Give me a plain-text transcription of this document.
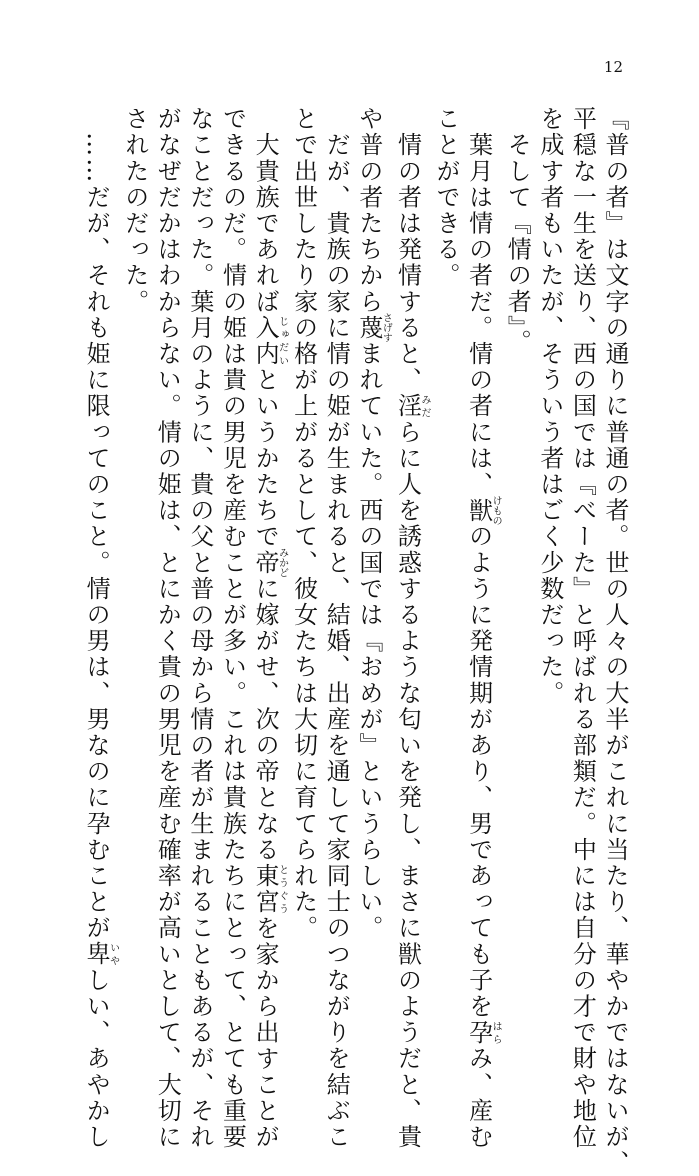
12
『普の者』は文字の通りに普通の者。世の人々の大半がこれに当たり、華やかではないが、
平穏な一生を送り、西の国では『べーた』と呼ばれる部類だ。中には自分の才で財や地位
を成す者もいたが、そういう者はごく少数だった。
　そして『情の者』。
　葉月は情の者だ。情の者には、獣けもののように発情期があり、男であっても子を孕はらみ、産む
ことができる。
　情の者は発情すると、淫みだらに人を誘惑するような匂いを発し、まさに獣のようだと、貴
や普の者たちから蔑さげすまれていた。西の国では『おめが』というらしい。
　だが、貴族の家に情の姫が生まれると、結婚、出産を通して家同士のつながりを結ぶこ
とで出世したり家の格が上がるとして、彼女たちは大切に育てられた。
　大貴族であれば入内じゅだいというかたちで帝みかどに嫁がせ、次の帝となる東宮とうぐうを家から出すことが
できるのだ。情の姫は貴の男児を産むことが多い。これは貴族たちにとって、とても重要
なことだった。葉月のように、貴の父と普の母から情の者が生まれることもあるが、それ
がなぜだかはわからない。情の姫は、とにかく貴の男児を産む確率が高いとして、大切に
されたのだった。
　……だが、それも姫に限ってのこと。情の男は、男なのに孕むことが卑いやしい、あやかし
